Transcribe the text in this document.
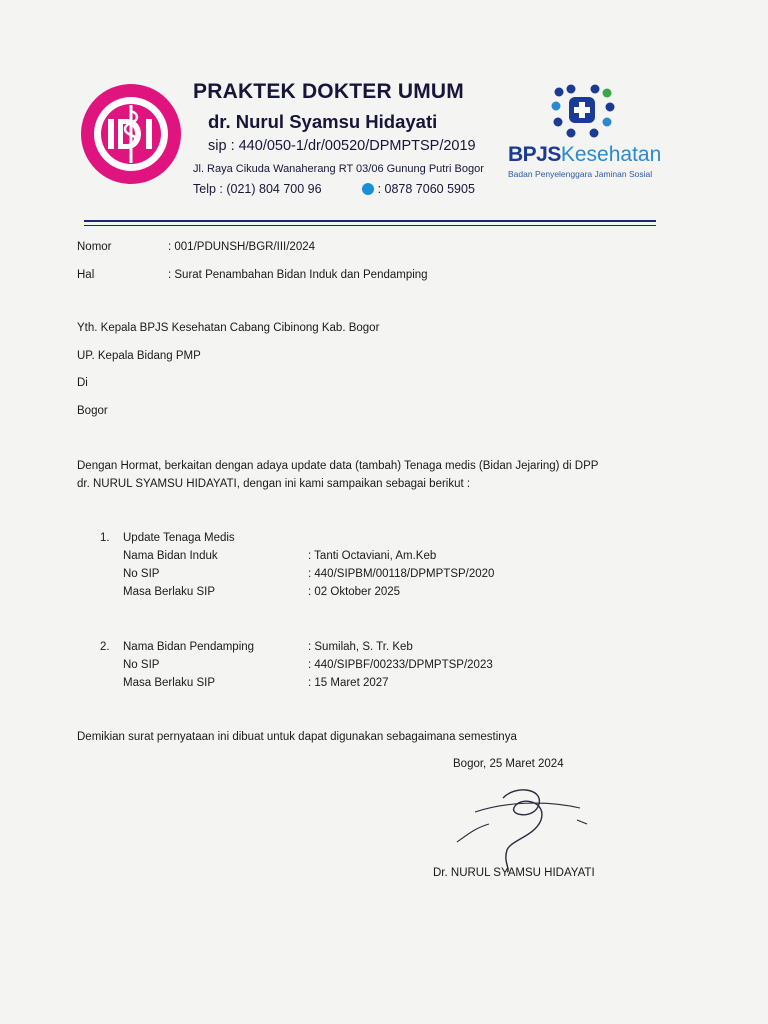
PRAKTEK DOKTER UMUM
dr. Nurul Syamsu Hidayati
sip : 440/050-1/dr/00520/DPMPTSP/2019
Jl. Raya Cikuda Wanaherang RT 03/06 Gunung Putri Bogor
Telp : (021) 804 700 96	: 0878 7060 5905
BPJSKesehatan
Badan Penyelenggara Jaminan Sosial
Nomor	: 001/PDUNSH/BGR/III/2024
Hal	: Surat Penambahan Bidan Induk dan Pendamping
Yth. Kepala BPJS Kesehatan Cabang Cibinong Kab. Bogor
UP. Kepala Bidang PMP
Di
Bogor
Dengan Hormat, berkaitan dengan adaya update data (tambah) Tenaga medis (Bidan Jejaring) di DPP
dr. NURUL SYAMSU HIDAYATI, dengan ini kami sampaikan sebagai berikut :
1. Update Tenaga Medis
Nama Bidan Induk	: Tanti Octaviani, Am.Keb
No SIP	: 440/SIPBM/00118/DPMPTSP/2020
Masa Berlaku SIP	: 02 Oktober 2025
2. Nama Bidan Pendamping	: Sumilah, S. Tr. Keb
No SIP	: 440/SIPBF/00233/DPMPTSP/2023
Masa Berlaku SIP	: 15 Maret 2027
Demikian surat pernyataan ini dibuat untuk dapat digunakan sebagaimana semestinya
Bogor, 25 Maret 2024
Dr. NURUL SYAMSU HIDAYATI
